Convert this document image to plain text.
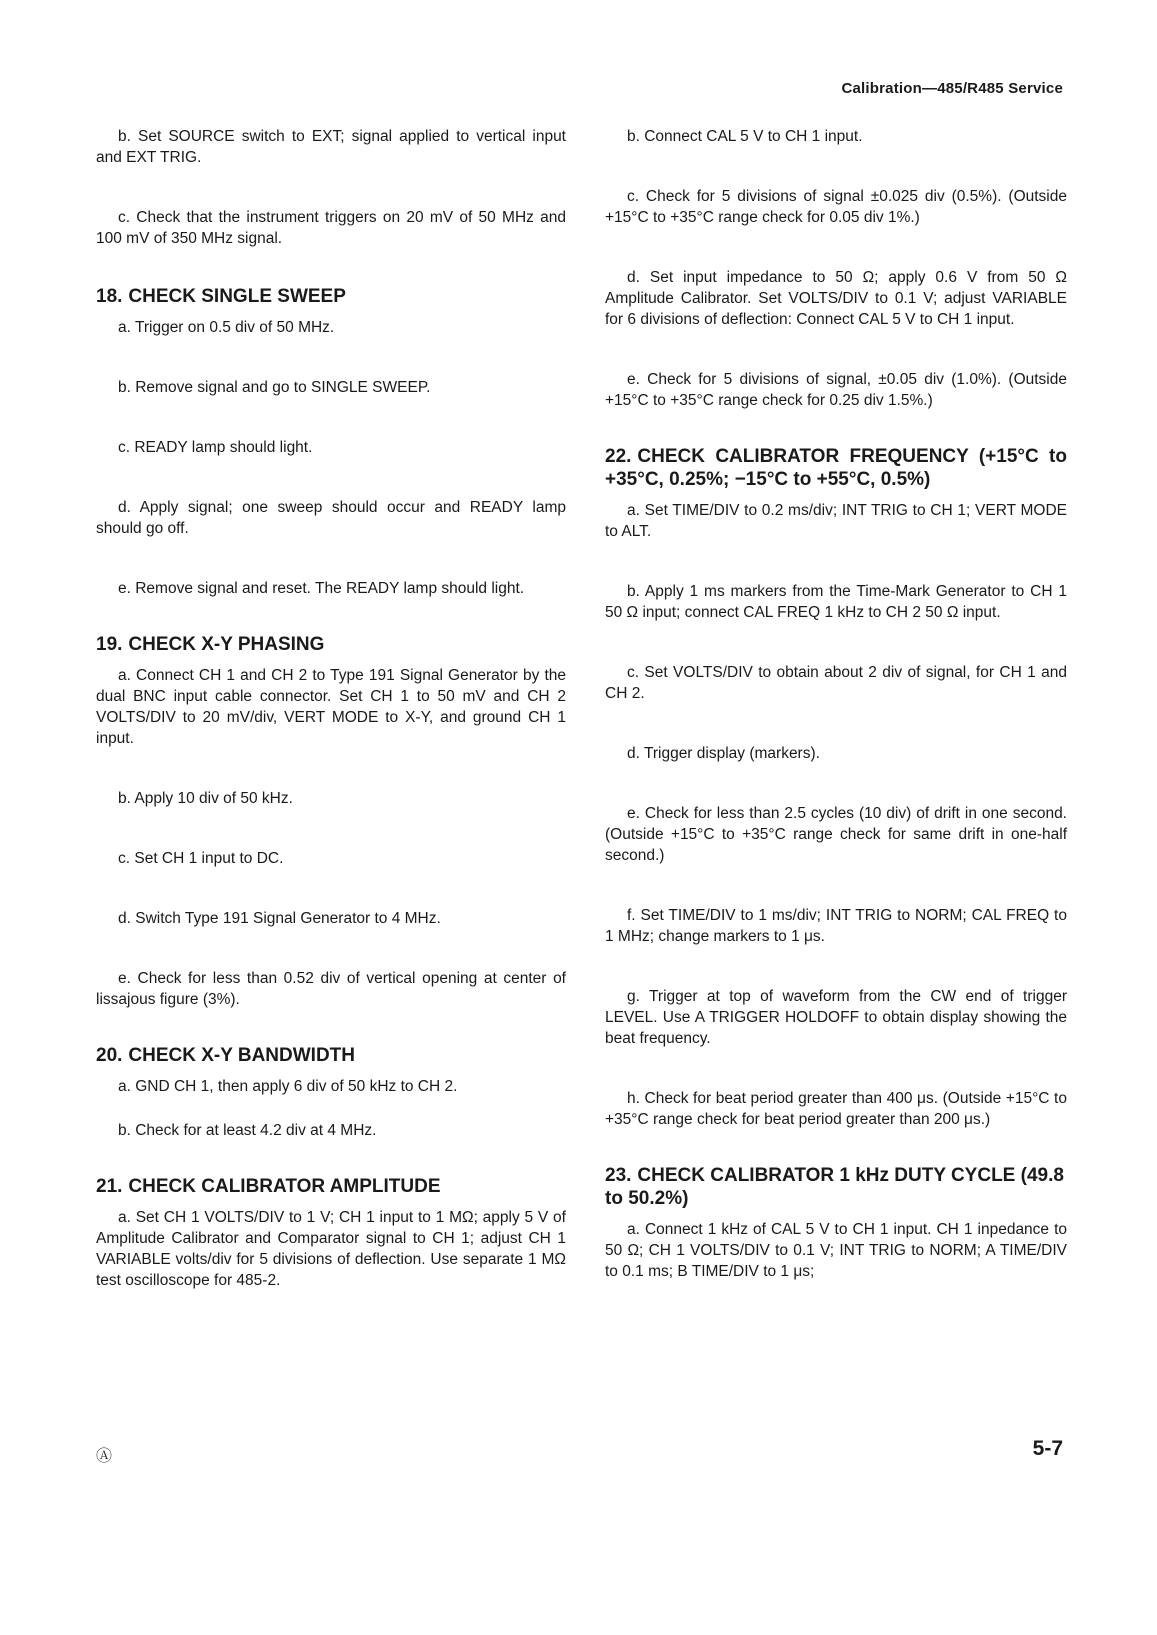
Calibration—485/R485 Service

b. Set SOURCE switch to EXT; signal applied to vertical input and EXT TRIG.

c. Check that the instrument triggers on 20 mV of 50 MHz and 100 mV of 350 MHz signal.

18. CHECK SINGLE SWEEP

a. Trigger on 0.5 div of 50 MHz.

b. Remove signal and go to SINGLE SWEEP.

c. READY lamp should light.

d. Apply signal; one sweep should occur and READY lamp should go off.

e. Remove signal and reset. The READY lamp should light.

19. CHECK X-Y PHASING

a. Connect CH 1 and CH 2 to Type 191 Signal Generator by the dual BNC input cable connector. Set CH 1 to 50 mV and CH 2 VOLTS/DIV to 20 mV/div, VERT MODE to X-Y, and ground CH 1 input.

b. Apply 10 div of 50 kHz.

c. Set CH 1 input to DC.

d. Switch Type 191 Signal Generator to 4 MHz.

e. Check for less than 0.52 div of vertical opening at center of lissajous figure (3%).

20. CHECK X-Y BANDWIDTH

a. GND CH 1, then apply 6 div of 50 kHz to CH 2.

b. Check for at least 4.2 div at 4 MHz.

21. CHECK CALIBRATOR AMPLITUDE

a. Set CH 1 VOLTS/DIV to 1 V; CH 1 input to 1 MΩ; apply 5 V of Amplitude Calibrator and Comparator signal to CH 1; adjust CH 1 VARIABLE volts/div for 5 divisions of deflection. Use separate 1 MΩ test oscilloscope for 485-2.

b. Connect CAL 5 V to CH 1 input.

c. Check for 5 divisions of signal ±0.025 div (0.5%). (Outside +15°C to +35°C range check for 0.05 div 1%.)

d. Set input impedance to 50 Ω; apply 0.6 V from 50 Ω Amplitude Calibrator. Set VOLTS/DIV to 0.1 V; adjust VARIABLE for 6 divisions of deflection: Connect CAL 5 V to CH 1 input.

e. Check for 5 divisions of signal, ±0.05 div (1.0%). (Outside +15°C to +35°C range check for 0.25 div 1.5%.)

22. CHECK CALIBRATOR FREQUENCY (+15°C to +35°C, 0.25%; −15°C to +55°C, 0.5%)

a. Set TIME/DIV to 0.2 ms/div; INT TRIG to CH 1; VERT MODE to ALT.

b. Apply 1 ms markers from the Time-Mark Generator to CH 1 50 Ω input; connect CAL FREQ 1 kHz to CH 2 50 Ω input.

c. Set VOLTS/DIV to obtain about 2 div of signal, for CH 1 and CH 2.

d. Trigger display (markers).

e. Check for less than 2.5 cycles (10 div) of drift in one second. (Outside +15°C to +35°C range check for same drift in one-half second.)

f. Set TIME/DIV to 1 ms/div; INT TRIG to NORM; CAL FREQ to 1 MHz; change markers to 1 μs.

g. Trigger at top of waveform from the CW end of trigger LEVEL. Use A TRIGGER HOLDOFF to obtain display showing the beat frequency.

h. Check for beat period greater than 400 μs. (Outside +15°C to +35°C range check for beat period greater than 200 μs.)

23. CHECK CALIBRATOR 1 kHz DUTY CYCLE (49.8 to 50.2%)

a. Connect 1 kHz of CAL 5 V to CH 1 input. CH 1 inpedance to 50 Ω; CH 1 VOLTS/DIV to 0.1 V; INT TRIG to NORM; A TIME/DIV to 0.1 ms; B TIME/DIV to 1 μs;

Ⓐ	5-7
